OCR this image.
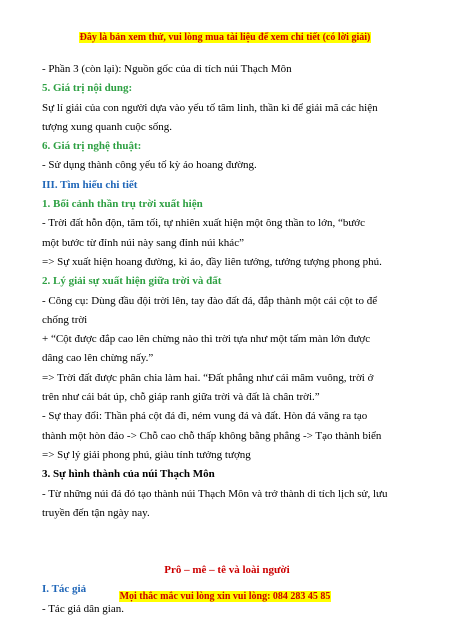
Đây là bản xem thử, vui lòng mua tài liệu để xem chi tiết (có lời giải)
- Phần 3 (còn lại): Nguồn gốc của di tích núi Thạch Môn
5. Giá trị nội dung:
Sự lí giải của con người dựa vào yếu tố tâm linh, thần kì để giải mã các hiện
tượng xung quanh cuộc sống.
6. Giá trị nghệ thuật:
- Sử dụng thành công yếu tố kỳ ảo hoang đường.
III. Tìm hiểu chi tiết
1. Bối cảnh thần trụ trời xuất hiện
- Trời đất hỗn độn, tăm tối, tự nhiên xuất hiện một ông thần to lớn, “bước
một bước từ đỉnh núi này sang đỉnh núi khác”
=> Sự xuất hiện hoang đường, kì ảo, đầy liên tưởng, tưởng tượng phong phú.
2. Lý giải sự xuất hiện giữa trời và đất
- Công cụ: Dùng đầu đội trời lên, tay đào đất đá, đắp thành một cái cột to để
chống trời
+ “Cột được đắp cao lên chừng nào thì trời tựa như một tấm màn lớn được
dâng cao lên chừng nấy.”
=> Trời đất được phân chia làm hai. “Đất phẳng như cái mâm vuông, trời ở
trên như cái bát úp, chỗ giáp ranh giữa trời và đất là chân trời.”
- Sự thay đổi: Thần phá cột đá đi, ném vung đá và đất. Hòn đá văng ra tạo
thành một hòn đảo -> Chỗ cao chỗ thấp không bằng phẳng -> Tạo thành biển
=> Sự lý giải phong phú, giàu tính tưởng tượng
3. Sự hình thành của núi Thạch Môn
- Từ những núi đá đó tạo thành núi Thạch Môn và trở thành di tích lịch sử, lưu
truyền đến tận ngày nay.
Prô – mê – tê và loài người
I. Tác giả
- Tác giả dân gian.
Mọi thắc mắc vui lòng xin vui lòng: 084 283 45 85
